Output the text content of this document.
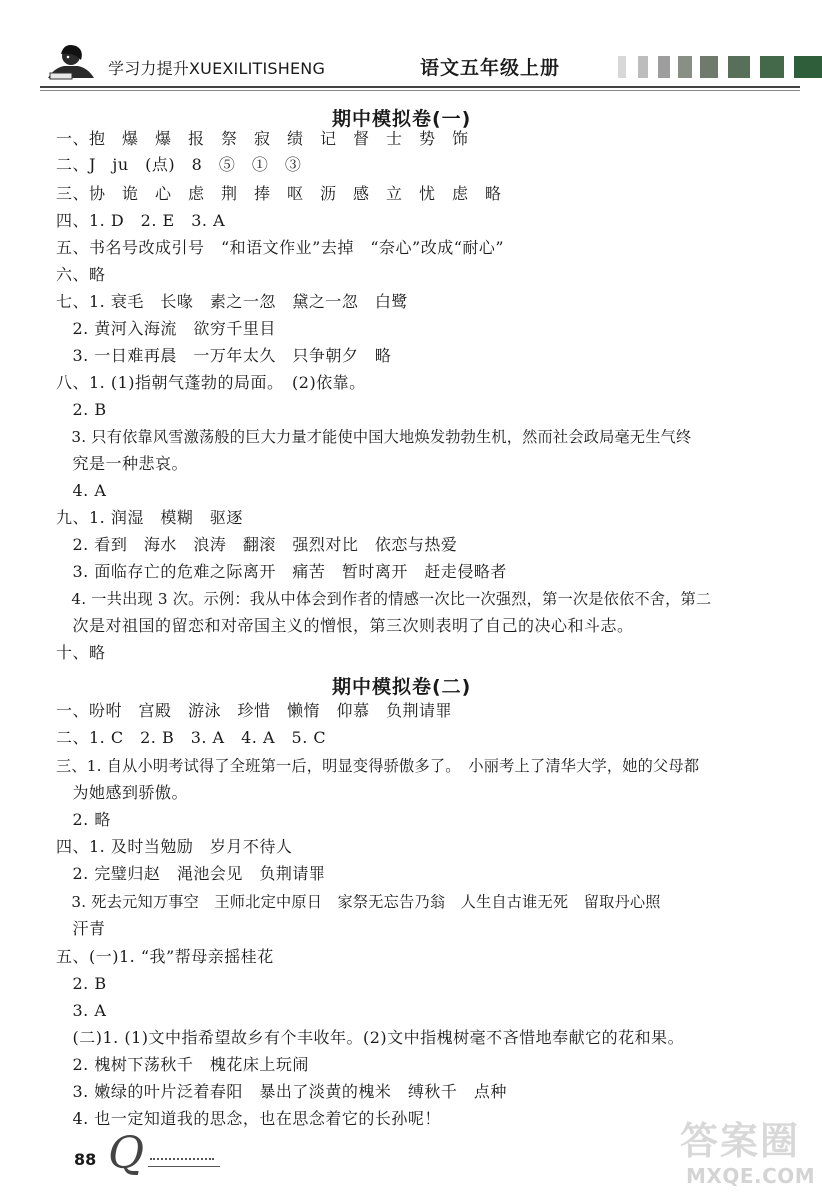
学习力提升XUEXILITISHENG	语文五年级上册
期中模拟卷(一)
一、抱　爆　爆　报　祭　寂　绩　记　督　士　势　饰
二、J　ju　(点)　8　⑤　①　③
三、协　诡　心　虑　荆　捧　呕　沥　感　立　忧　虑　略
四、1. D　2. E　3. A
五、书名号改成引号　“和语文作业”去掉　“奈心”改成“耐心”
六、略
七、1. 衰毛　长喙　素之一忽　黛之一忽　白鹭
　2. 黄河入海流　欲穷千里目
　3. 一日难再晨　一万年太久　只争朝夕　略
八、1. (1)指朝气蓬勃的局面。　(2)依靠。
　2. B
　3. 只有依靠风雪激荡般的巨大力量才能使中国大地焕发勃勃生机，然而社会政局毫无生气终
　究是一种悲哀。
　4. A
九、1. 润湿　模糊　驱逐
　2. 看到　海水　浪涛　翻滚　强烈对比　依恋与热爱
　3. 面临存亡的危难之际离开　痛苦　暂时离开　赶走侵略者
　4. 一共出现 3 次。示例：我从中体会到作者的情感一次比一次强烈，第一次是依依不舍，第二
　次是对祖国的留恋和对帝国主义的憎恨，第三次则表明了自己的决心和斗志。
十、略
期中模拟卷(二)
一、吩咐　宫殿　游泳　珍惜　懒惰　仰慕　负荆请罪
二、1. C　2. B　3. A　4. A　5. C
三、1. 自从小明考试得了全班第一后，明显变得骄傲多了。　小丽考上了清华大学，她的父母都
　为她感到骄傲。
　2. 略
四、1. 及时当勉励　岁月不待人
　2. 完璧归赵　渑池会见　负荆请罪
　3. 死去元知万事空　王师北定中原日　家祭无忘告乃翁　人生自古谁无死　留取丹心照
　汗青
五、(一)1. “我”帮母亲摇桂花
　2. B
　3. A
　(二)1. (1)文中指希望故乡有个丰收年。(2)文中指槐树毫不吝惜地奉献它的花和果。
　2. 槐树下荡秋千　槐花床上玩闹
　3. 嫩绿的叶片泛着春阳　暴出了淡黄的槐米　缚秋千　点种
　4. 也一定知道我的思念，也在思念着它的长孙呢！
88 Q	答案圈
MXQE.COM
